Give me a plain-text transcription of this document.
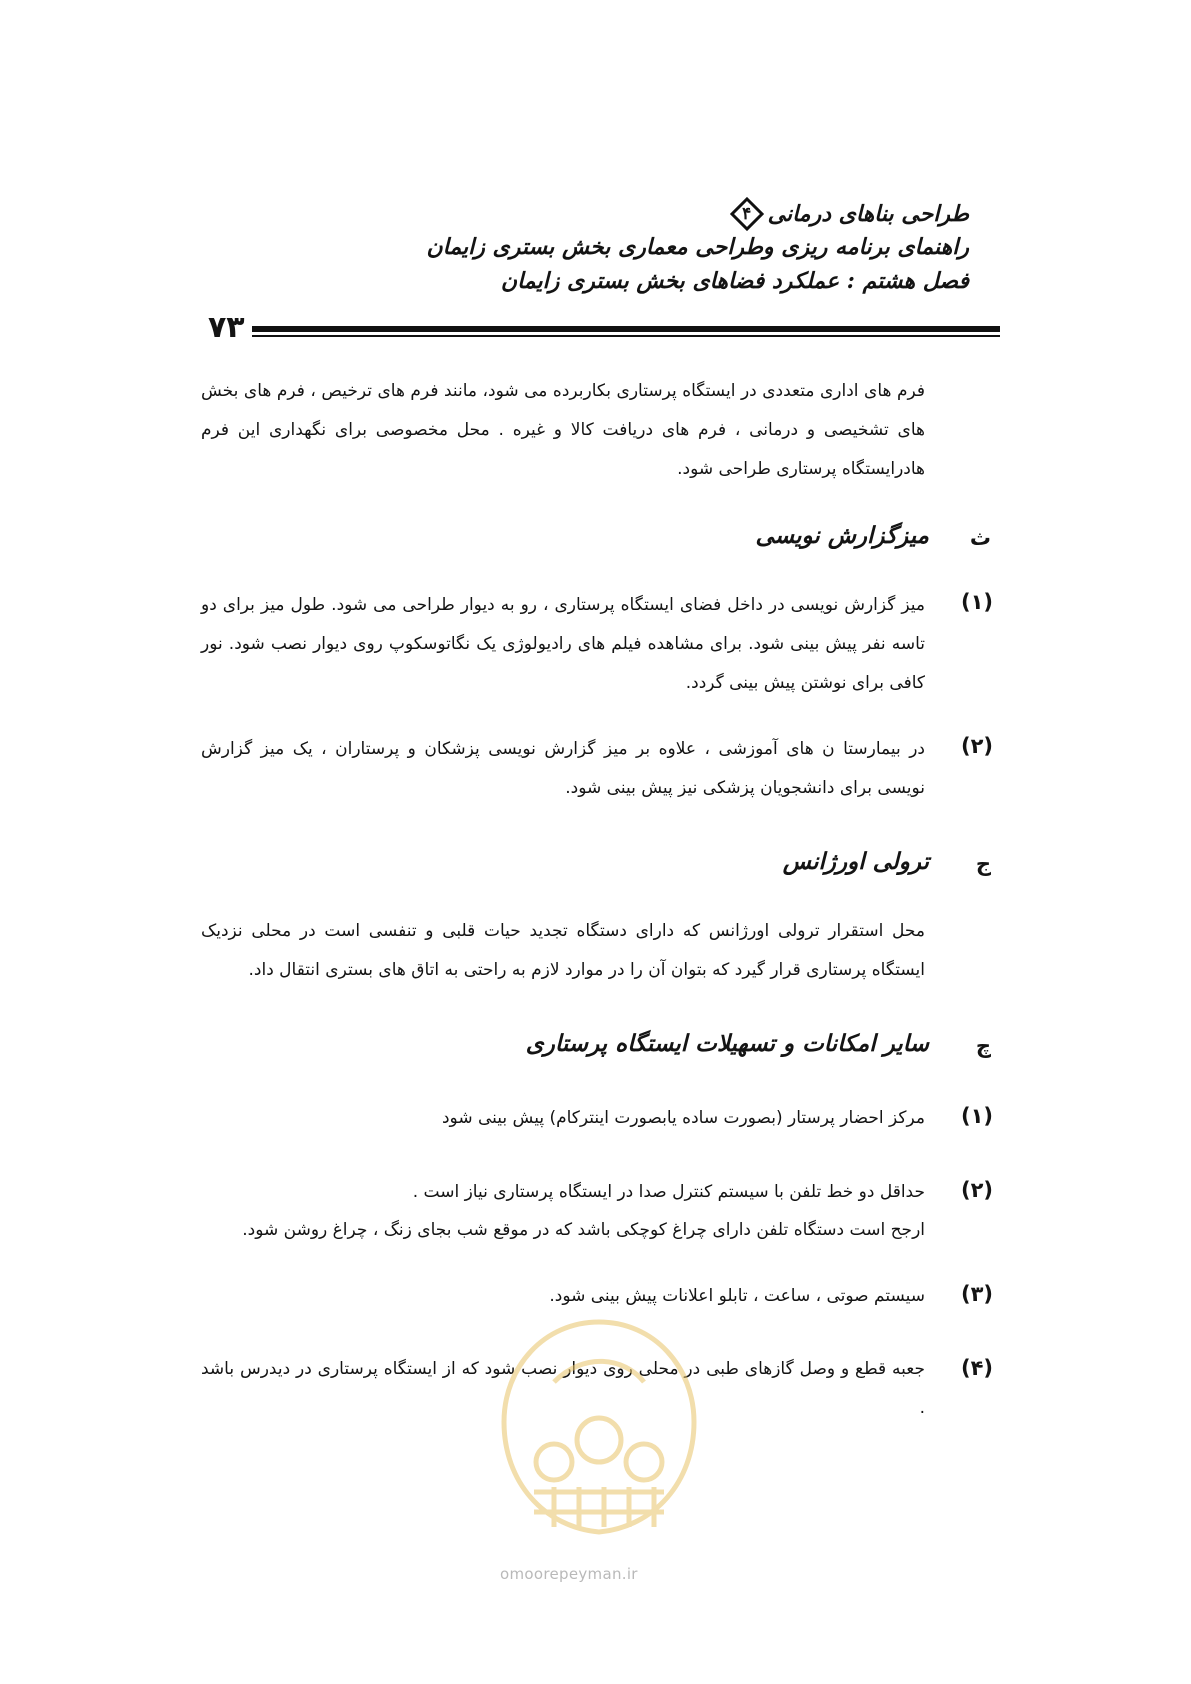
طراحی بناهای درمانی
۴
راهنمای برنامه ریزی وطراحی معماری بخش بستری زایمان
فصل هشتم : عملکرد فضاهای بخش بستری زایمان
۷۳
فرم های اداری متعددی در ایستگاه پرستاری بکاربرده می شود، مانند فرم های ترخیص ، فرم های بخش های تشخیصی و درمانی ، فرم های دریافت کالا و غیره . محل مخصوصی برای نگهداری این فرم هادرایستگاه پرستاری طراحی شود.
ث
میزگزارش نویسی
(۱)
میز گزارش نویسی در داخل فضای ایستگاه پرستاری ، رو به دیوار طراحی می شود. طول میز برای دو تاسه نفر پیش بینی شود. برای مشاهده فیلم های رادیولوژی یک نگاتوسکوپ روی دیوار نصب شود. نور کافی برای نوشتن پیش بینی گردد.
(۲)
در بیمارستا ن های آموزشی ، علاوه بر میز گزارش نویسی پزشکان و پرستاران ، یک میز گزارش نویسی برای دانشجویان پزشکی نیز پیش بینی شود.
ج
ترولی اورژانس
محل استقرار ترولی اورژانس که دارای دستگاه تجدید حیات قلبی و تنفسی است در محلی نزدیک ایستگاه پرستاری قرار گیرد که بتوان آن را در موارد لازم به راحتی به اتاق های بستری انتقال داد.
چ
سایر امکانات و تسهیلات ایستگاه پرستاری
(۱)
مرکز احضار پرستار (بصورت ساده یابصورت اینترکام) پیش بینی شود
(۲)
حداقل دو خط تلفن با سیستم کنترل صدا در ایستگاه پرستاری نیاز است .
ارجح است دستگاه تلفن دارای چراغ کوچکی باشد که در موقع شب بجای زنگ ، چراغ روشن شود.
(۳)
سیستم صوتی ، ساعت ، تابلو اعلانات پیش بینی شود.
(۴)
جعبه قطع و وصل گازهای طبی در محلی روی دیوار نصب شود که از ایستگاه پرستاری در دیدرس باشد .
omoorepeyman.ir
